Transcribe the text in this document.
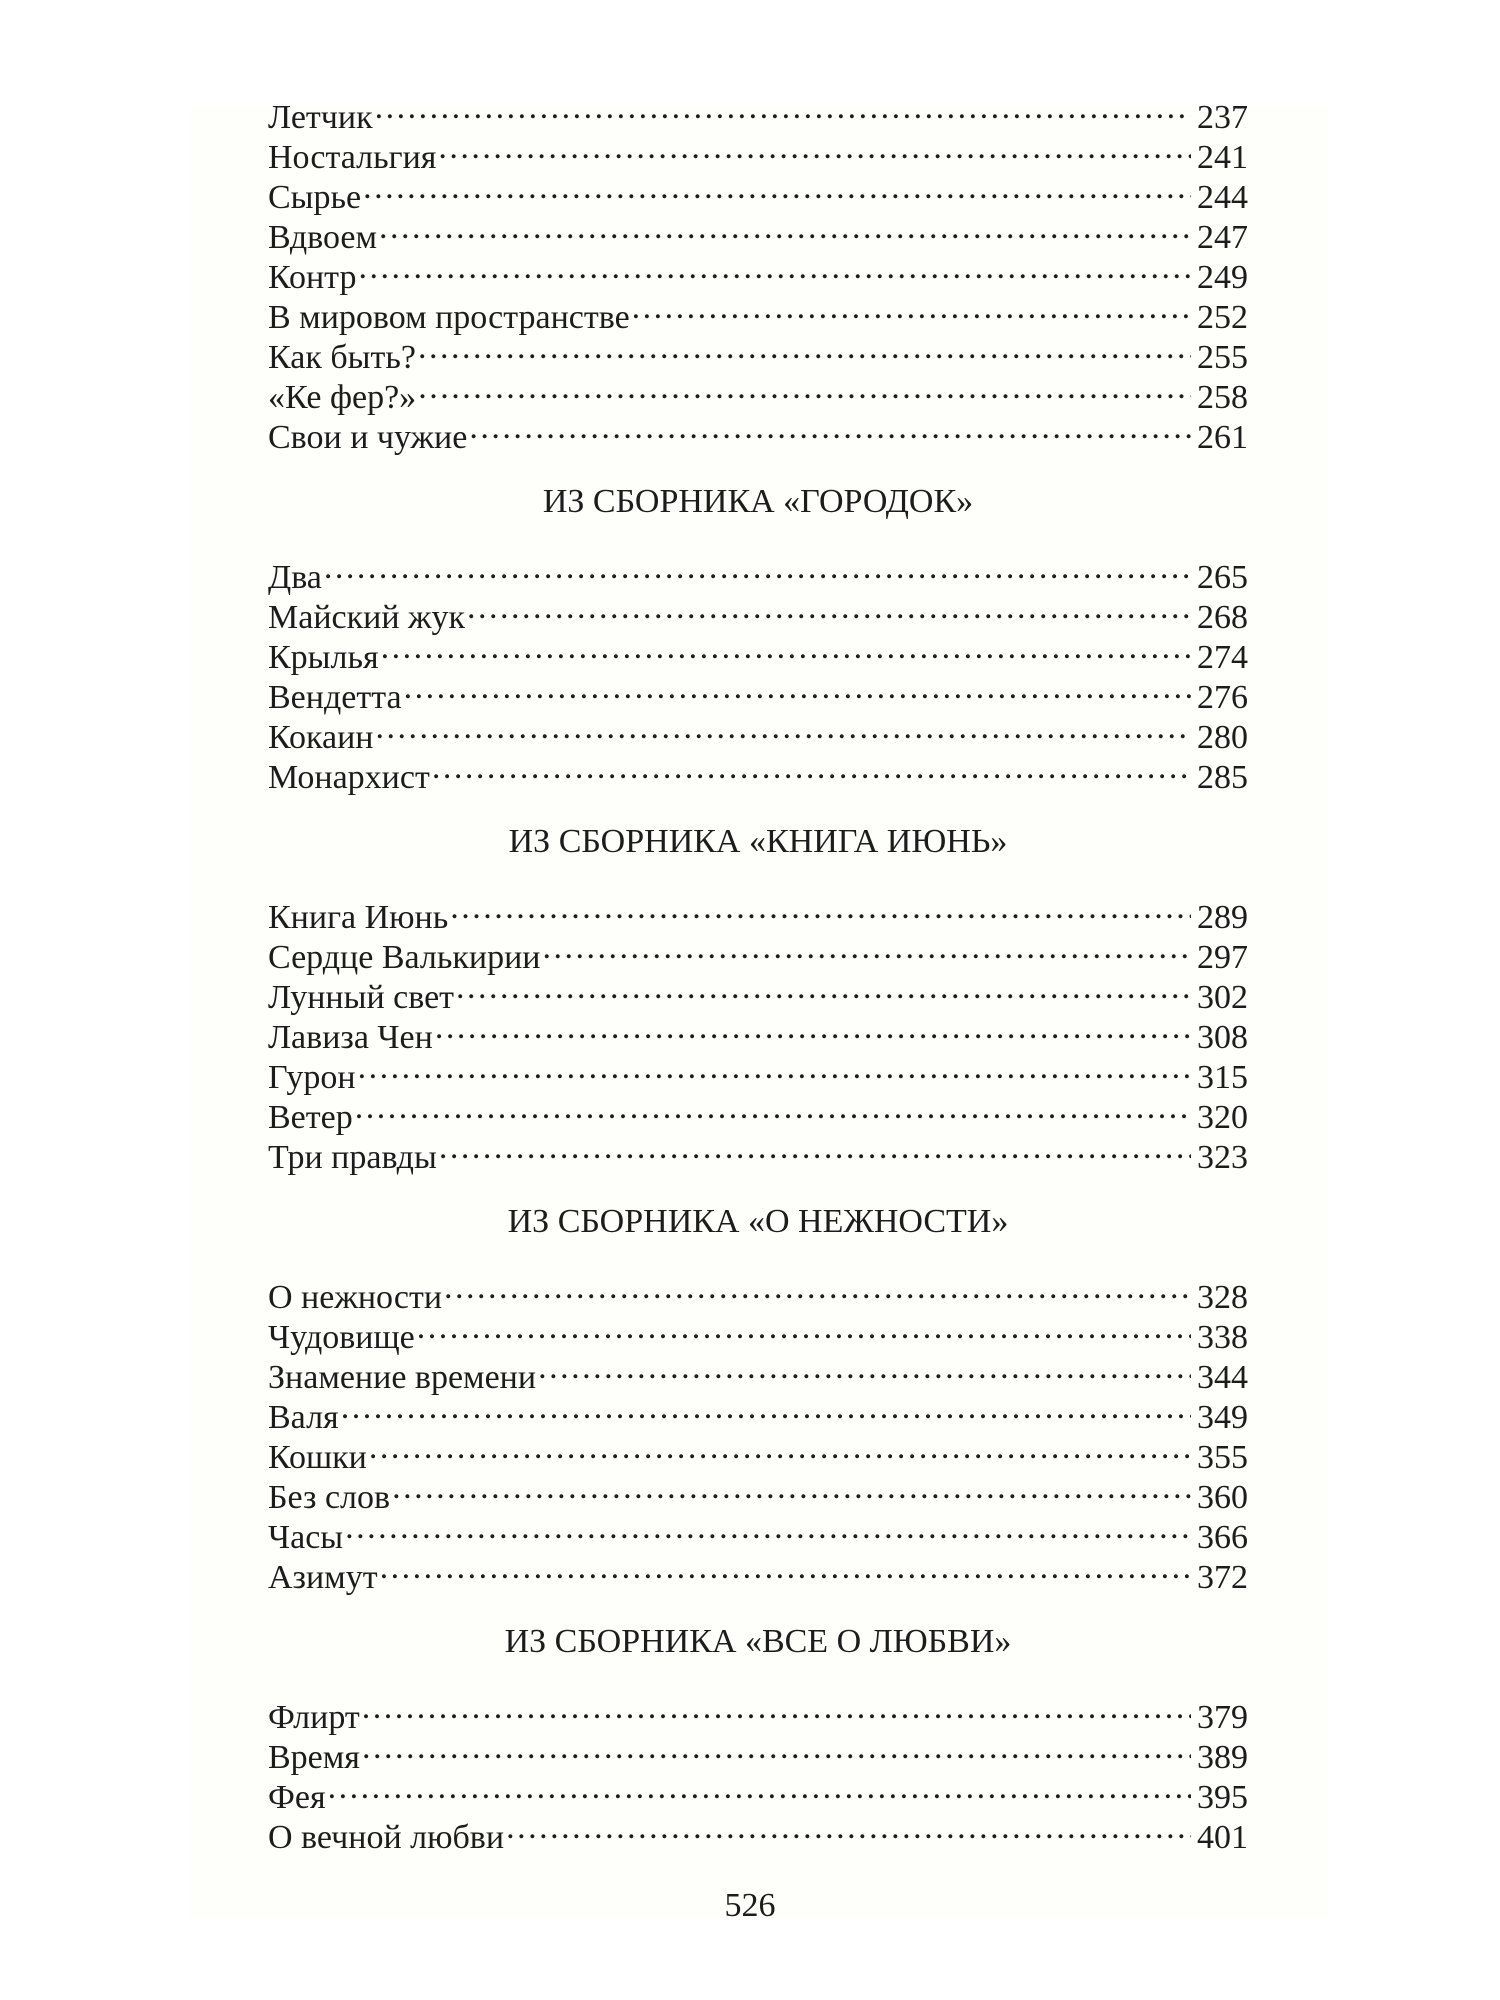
Летчик . . .	237
Ностальгия . . .	241
Сырье . . .	244
Вдвоем . . .	247
Контр . . .	249
В мировом пространстве . . .	252
Как быть? . . .	255
«Ке фер?» . . .	258
Свои и чужие . . .	261
ИЗ СБОРНИКА «ГОРОДОК»
Два . . .	265
Майский жук . . .	268
Крылья . . .	274
Вендетта . . .	276
Кокаин . . .	280
Монархист . . .	285
ИЗ СБОРНИКА «КНИГА ИЮНЬ»
Книга Июнь . . .	289
Сердце Валькирии . . .	297
Лунный свет . . .	302
Лавиза Чен . . .	308
Гурон . . .	315
Ветер . . .	320
Три правды . . .	323
ИЗ СБОРНИКА «О НЕЖНОСТИ»
О нежности . . .	328
Чудовище . . .	338
Знамение времени . . .	344
Валя . . .	349
Кошки . . .	355
Без слов . . .	360
Часы . . .	366
Азимут . . .	372
ИЗ СБОРНИКА «ВСЕ О ЛЮБВИ»
Флирт . . .	379
Время . . .	389
Фея . . .	395
О вечной любви . . .	401
526
